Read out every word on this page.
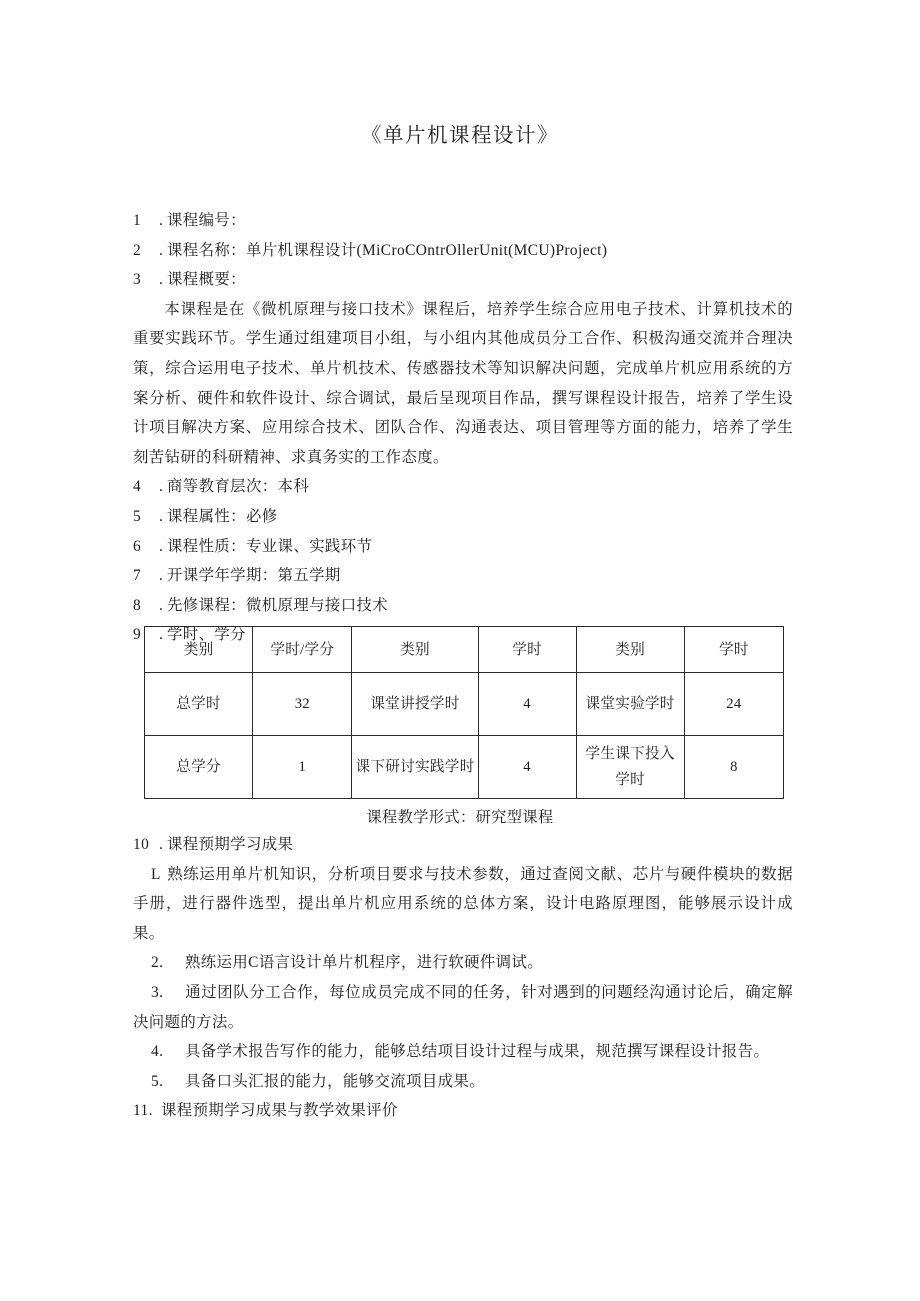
《单片机课程设计》
1 . 课程编号：
2 . 课程名称：单片机课程设计(MiCroCOntrOllerUnit(MCU)Project)
3 . 课程概要：
本课程是在《微机原理与接口技术》课程后，培养学生综合应用电子技术、计算机技术的重要实践环节。学生通过组建项目小组，与小组内其他成员分工合作、积极沟通交流并合理决策，综合运用电子技术、单片机技术、传感器技术等知识解决问题，完成单片机应用系统的方案分析、硬件和软件设计、综合调试，最后呈现项目作品，撰写课程设计报告，培养了学生设计项目解决方案、应用综合技术、团队合作、沟通表达、项目管理等方面的能力，培养了学生刻苦钻研的科研精神、求真务实的工作态度。
4 . 商等教育层次：本科
5 . 课程属性：必修
6 . 课程性质：专业课、实践环节
7 . 开课学年学期：第五学期
8 . 先修课程：微机原理与接口技术
9 . 学时、学分
类别	学时/学分	类别	学时	类别	学时
总学时	32	课堂讲授学时	4	课堂实验学时	24
总学分	1	课下研讨实践学时	4	学生课下投入学时	8
课程教学形式：研究型课程
10 . 课程预期学习成果
L 熟练运用单片机知识，分析项目要求与技术参数，通过查阅文献、芯片与硬件模块的数据手册，进行器件选型，提出单片机应用系统的总体方案，设计电路原理图，能够展示设计成果。
2. 熟练运用C语言设计单片机程序，进行软硬件调试。
3. 通过团队分工合作，每位成员完成不同的任务，针对遇到的问题经沟通讨论后，确定解决问题的方法。
4. 具备学术报告写作的能力，能够总结项目设计过程与成果，规范撰写课程设计报告。
5. 具备口头汇报的能力，能够交流项目成果。
11. 课程预期学习成果与教学效果评价
